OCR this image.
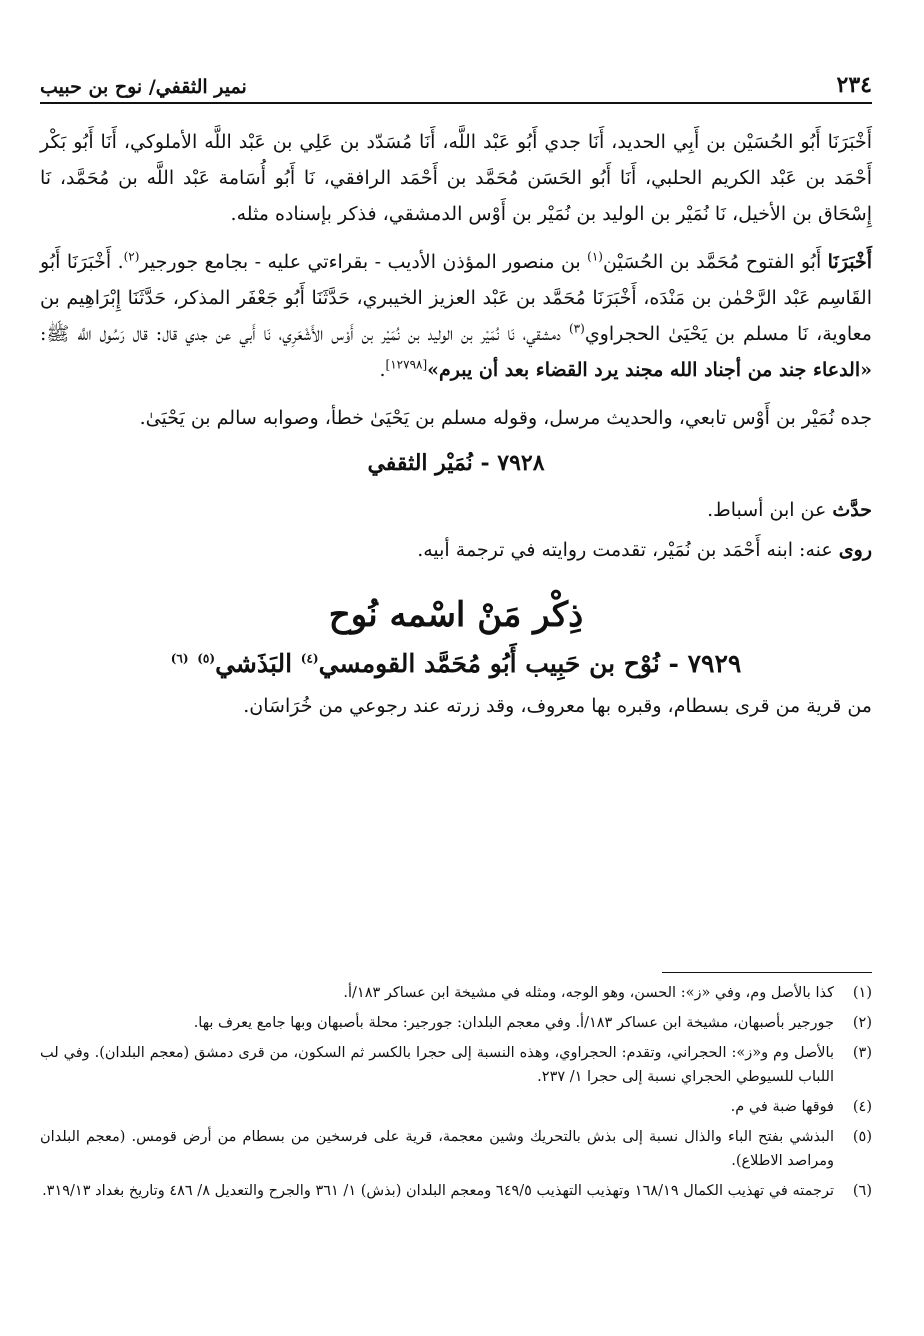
٢٣٤
نمير الثقفي/ نوح بن حبيب

أَخْبَرَنَا أَبُو الحُسَيْن بن أَبِي الحديد، أَنَا جدي أَبُو عَبْد اللَّه، أَنَا مُسَدّد بن عَلِي بن عَبْد اللَّه الأملوكي، أَنَا أَبُو بَكْر أَحْمَد بن عَبْد الكريم الحلبي، أَنَا أَبُو الحَسَن مُحَمَّد بن أَحْمَد الرافقي، نَا أَبُو أُسَامة عَبْد اللَّه بن مُحَمَّد، نَا إِسْحَاق بن الأخيل، نَا نُمَيْر بن الوليد بن نُمَيْر بن أَوْس الدمشقي، فذكر بإسناده مثله.

أَخْبَرَنَا أَبُو الفتوح مُحَمَّد بن الحُسَيْن$^{(١)}$ بن منصور المؤذن الأديب - بقراءتي عليه - بجامع جورجير$^{(٢)}$. أَخْبَرَنَا أَبُو القَاسِم عَبْد الرَّحْمٰن بن مَنْدَه، أَخْبَرَنَا مُحَمَّد بن عَبْد العزيز الخيبري، حَدَّثَنَا أَبُو جَعْفَر المذكر، حَدَّثَنَا إِبْرَاهِيم بن معاوية، نَا مسلم بن يَحْيَىٰ الحجراوي$^{(٣)}$ دمشقي، نَا نُمَيْر بن الوليد بن نُمَيْر بن أَوْس الأَشْعَرِي، نَا أَبي عن جدي قال: قال رَسُول اللَّه ﷺ: «الدعاء جند من أجناد الله مجند يرد القضاء بعد أن يبرم»[١٢٧٩٨].

جده نُمَيْر بن أَوْس تابعي، والحديث مرسل، وقوله مسلم بن يَحْيَىٰ خطأ، وصوابه سالم بن يَحْيَىٰ.

٧٩٢٨ - نُمَيْر الثقفي

حدَّث عن ابن أسباط.

روى عنه: ابنه أَحْمَد بن نُمَيْر، تقدمت روايته في ترجمة أبيه.

ذِكْر مَنْ اسْمه نُوح
٧٩٢٩ - نُوْح بن حَبِيب أَبُو مُحَمَّد القومسي$^{(٤)}$ البَذَشي$^{(٥)}$ $^{(٦)}$

من قرية من قرى بسطام، وقبره بها معروف، وقد زرته عند رجوعي من خُرَاسَان.

(١)
كذا بالأصل وم، وفي «ز»: الحسن، وهو الوجه، ومثله في مشيخة ابن عساكر ١٨٣/أ.
(٢)
جورجير بأصبهان، مشيخة ابن عساكر ١٨٣/أ. وفي معجم البلدان: جورجير: محلة بأصبهان وبها جامع يعرف بها.
(٣)
بالأصل وم و«ز»: الحجراني، وتقدم: الحجراوي، وهذه النسبة إلى حجرا بالكسر ثم السكون، من قرى دمشق (معجم البلدان). وفي لب اللباب للسيوطي الحجراي نسبة إلى حجرا ١/ ٢٣٧.
(٤)
فوقها ضبة في م.
(٥)
البذشي بفتح الباء والذال نسبة إلى بذش بالتحريك وشين معجمة، قرية على فرسخين من بسطام من أرض قومس. (معجم البلدان ومراصد الاطلاع).
(٦)
ترجمته في تهذيب الكمال ١٦٨/١٩ وتهذيب التهذيب ٦٤٩/٥ ومعجم البلدان (بذش) ١/ ٣٦١ والجرح والتعديل ٨/ ٤٨٦ وتاريخ بغداد ٣١٩/١٣.
